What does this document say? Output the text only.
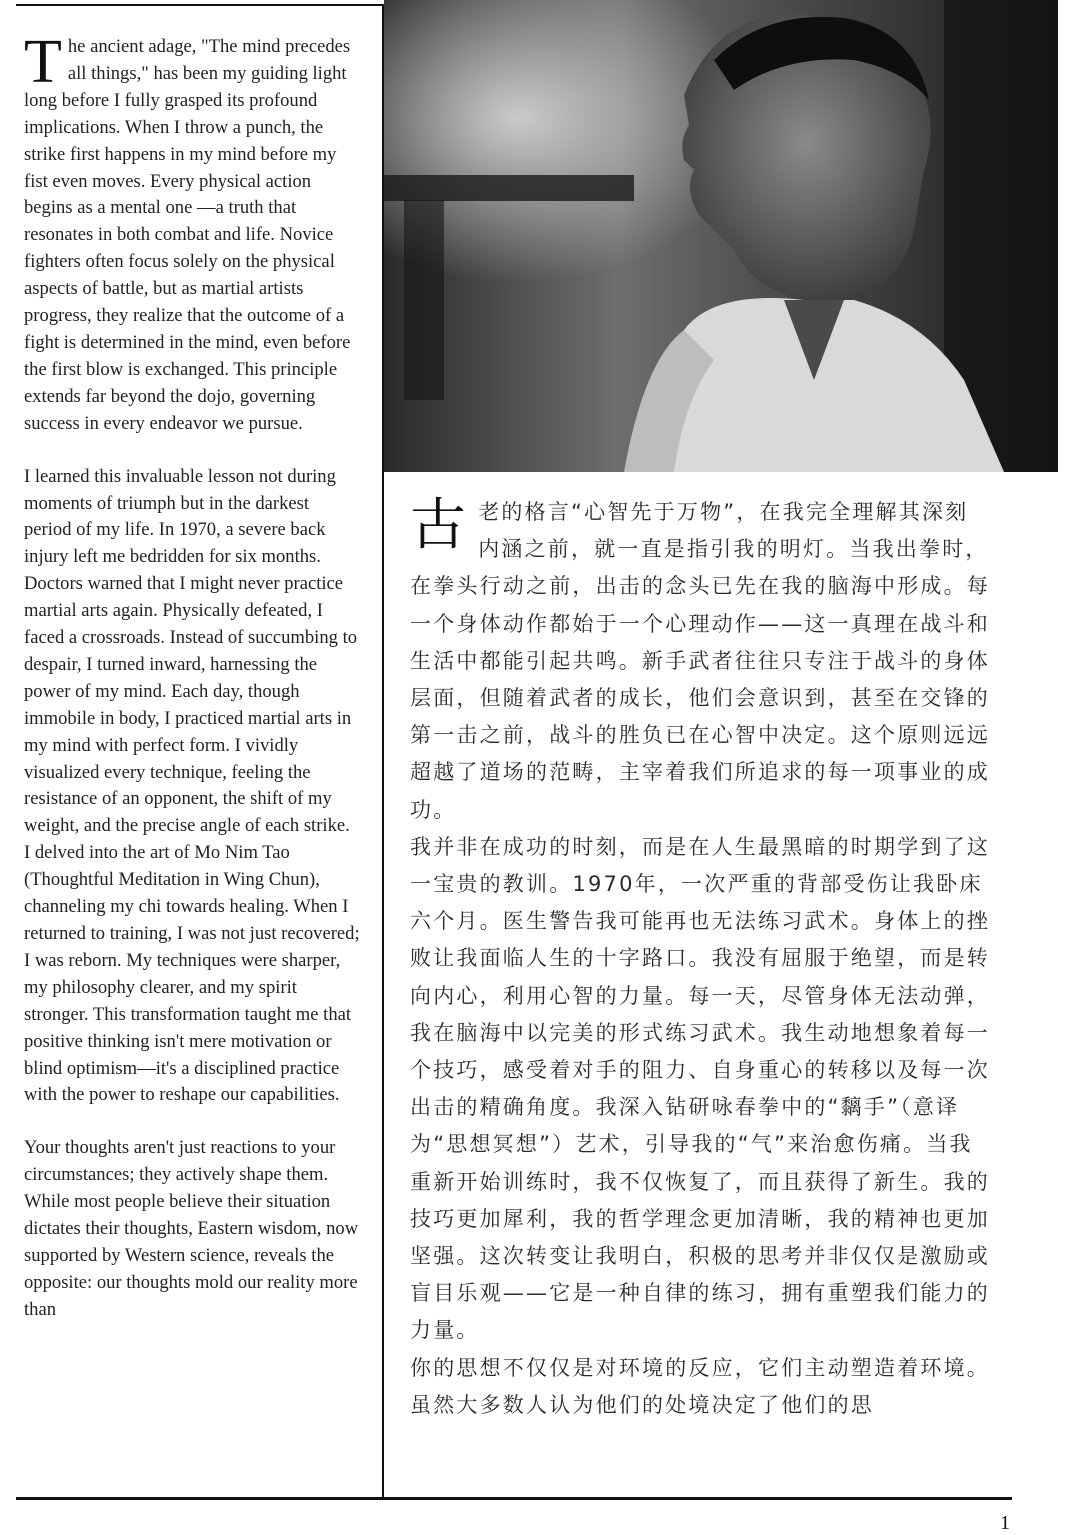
The ancient adage, "The mind precedes all things," has been my guiding light long before I fully grasped its profound implications. When I throw a punch, the strike first happens in my mind before my fist even moves. Every physical action begins as a mental one —a truth that resonates in both combat and life. Novice fighters often focus solely on the physical aspects of battle, but as martial artists progress, they realize that the outcome of a fight is determined in the mind, even before the first blow is exchanged. This principle extends far beyond the dojo, governing success in every endeavor we pursue.

I learned this invaluable lesson not during moments of triumph but in the darkest period of my life. In 1970, a severe back injury left me bedridden for six months. Doctors warned that I might never practice martial arts again. Physically defeated, I faced a crossroads. Instead of succumbing to despair, I turned inward, harnessing the power of my mind. Each day, though immobile in body, I practiced martial arts in my mind with perfect form. I vividly visualized every technique, feeling the resistance of an opponent, the shift of my weight, and the precise angle of each strike. I delved into the art of Mo Nim Tao (Thoughtful Meditation in Wing Chun), channeling my chi towards healing. When I returned to training, I was not just recovered; I was reborn. My techniques were sharper, my philosophy clearer, and my spirit stronger. This transformation taught me that positive thinking isn't mere motivation or blind optimism—it's a disciplined practice with the power to reshape our capabilities.

Your thoughts aren't just reactions to your circumstances; they actively shape them. While most people believe their situation dictates their thoughts, Eastern wisdom, now supported by Western science, reveals the opposite: our thoughts mold our reality more than

古老的格言“心智先于万物”，在我完全理解其深刻内涵之前，就一直是指引我的明灯。当我出拳时，在拳头行动之前，出击的念头已先在我的脑海中形成。每一个身体动作都始于一个心理动作——这一真理在战斗和生活中都能引起共鸣。新手武者往往只专注于战斗的身体层面，但随着武者的成长，他们会意识到，甚至在交锋的第一击之前，战斗的胜负已在心智中决定。这个原则远远超越了道场的范畴，主宰着我们所追求的每一项事业的成功。

我并非在成功的时刻，而是在人生最黑暗的时期学到了这一宝贵的教训。1970年，一次严重的背部受伤让我卧床六个月。医生警告我可能再也无法练习武术。身体上的挫败让我面临人生的十字路口。我没有屈服于绝望，而是转向内心，利用心智的力量。每一天，尽管身体无法动弹，我在脑海中以完美的形式练习武术。我生动地想象着每一个技巧，感受着对手的阻力、自身重心的转移以及每一次出击的精确角度。我深入钻研咏春拳中的“黐手”（意译为“思想冥想”）艺术，引导我的“气”来治愈伤痛。当我重新开始训练时，我不仅恢复了，而且获得了新生。我的技巧更加犀利，我的哲学理念更加清晰，我的精神也更加坚强。这次转变让我明白，积极的思考并非仅仅是激励或盲目乐观——它是一种自律的练习，拥有重塑我们能力的力量。

你的思想不仅仅是对环境的反应，它们主动塑造着环境。虽然大多数人认为他们的处境决定了他们的思

1
